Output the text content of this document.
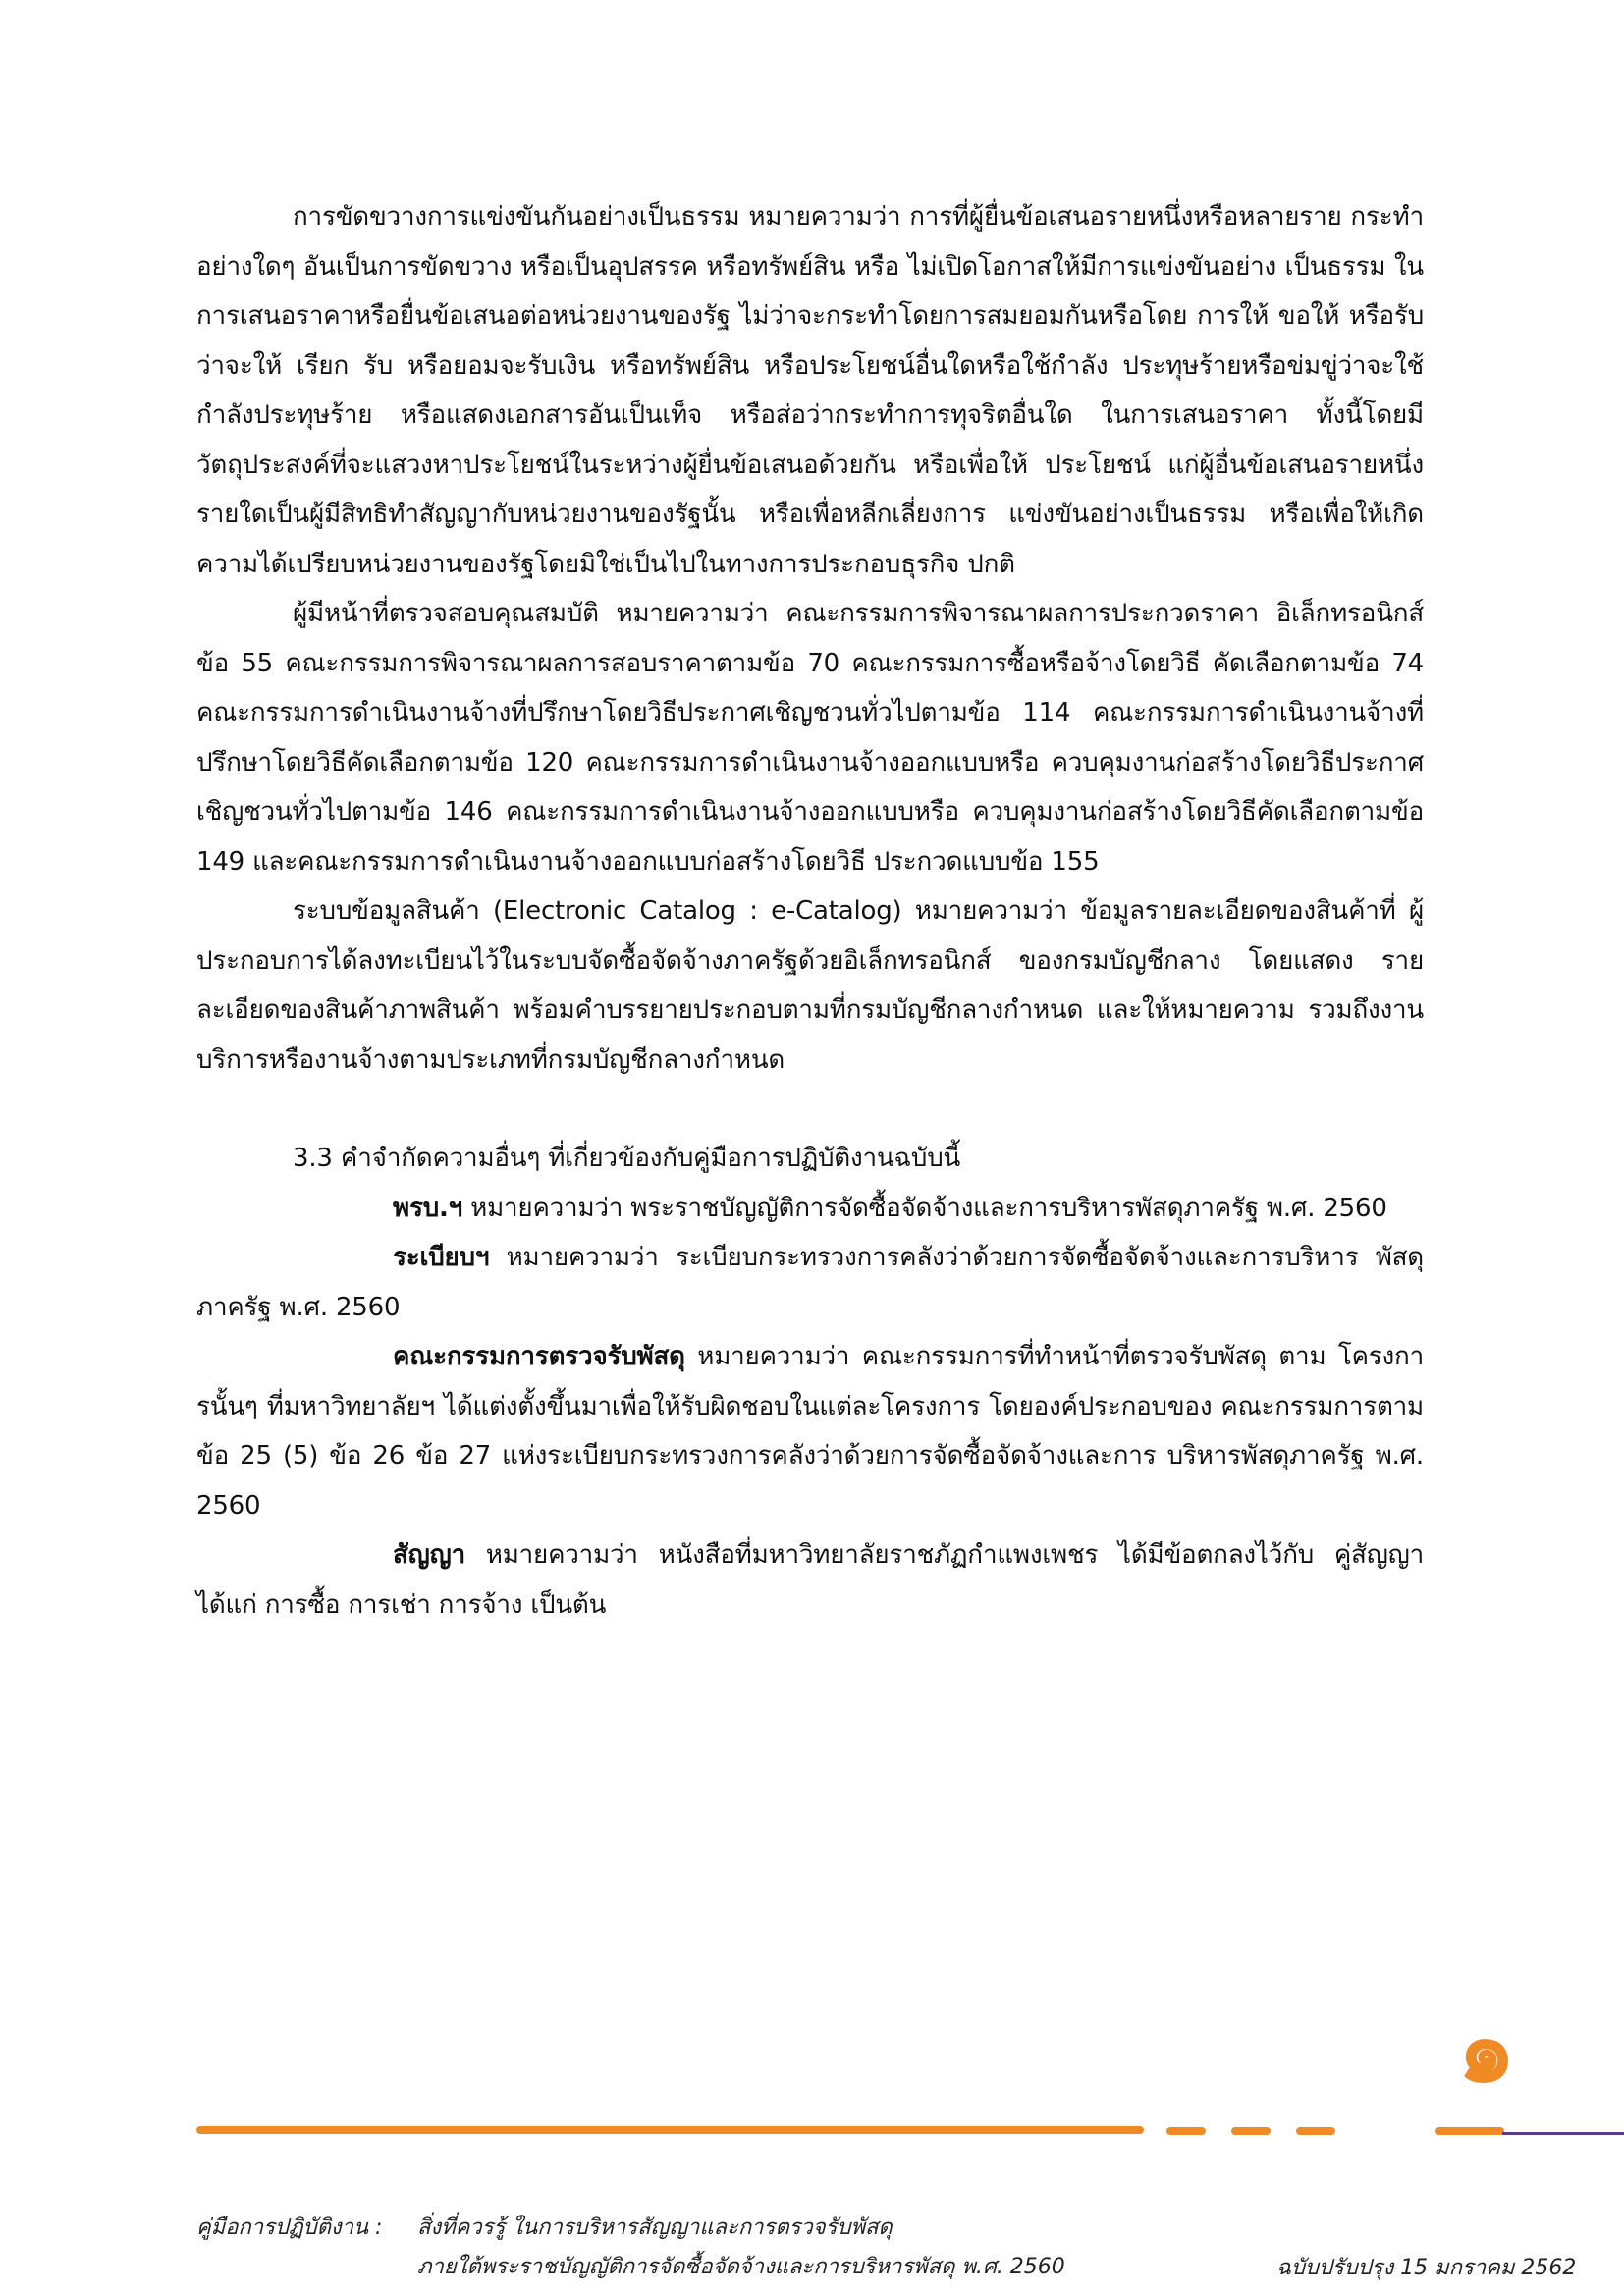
การขัดขวางการแข่งขันกันอย่างเป็นธรรม หมายความว่า การที่ผู้ยื่นข้อเสนอรายหนึ่งหรือหลายราย กระทำอย่างใดๆ อันเป็นการขัดขวาง หรือเป็นอุปสรรค หรือทรัพย์สิน หรือ ไม่เปิดโอกาสให้มีการแข่งขันอย่าง เป็นธรรม ในการเสนอราคาหรือยื่นข้อเสนอต่อหน่วยงานของรัฐ ไม่ว่าจะกระทำโดยการสมยอมกันหรือโดย การให้ ขอให้ หรือรับว่าจะให้ เรียก รับ หรือยอมจะรับเงิน หรือทรัพย์สิน หรือประโยชน์อื่นใดหรือใช้กำลัง ประทุษร้ายหรือข่มขู่ว่าจะใช้กำลังประทุษร้าย หรือแสดงเอกสารอันเป็นเท็จ หรือส่อว่ากระทำการทุจริตอื่นใด ในการเสนอราคา ทั้งนี้โดยมีวัตถุประสงค์ที่จะแสวงหาประโยชน์ในระหว่างผู้ยื่นข้อเสนอด้วยกัน หรือเพื่อให้ ประโยชน์ แก่ผู้อื่นข้อเสนอรายหนึ่งรายใดเป็นผู้มีสิทธิทำสัญญากับหน่วยงานของรัฐนั้น หรือเพื่อหลีกเลี่ยงการ แข่งขันอย่างเป็นธรรม หรือเพื่อให้เกิดความได้เปรียบหน่วยงานของรัฐโดยมิใช่เป็นไปในทางการประกอบธุรกิจ ปกติ

ผู้มีหน้าที่ตรวจสอบคุณสมบัติ หมายความว่า คณะกรรมการพิจารณาผลการประกวดราคา อิเล็กทรอนิกส์ข้อ 55 คณะกรรมการพิจารณาผลการสอบราคาตามข้อ 70 คณะกรรมการซื้อหรือจ้างโดยวิธี คัดเลือกตามข้อ 74 คณะกรรมการดำเนินงานจ้างที่ปรึกษาโดยวิธีประกาศเชิญชวนทั่วไปตามข้อ 114 คณะกรรมการดำเนินงานจ้างที่ปรึกษาโดยวิธีคัดเลือกตามข้อ 120 คณะกรรมการดำเนินงานจ้างออกแบบหรือ ควบคุมงานก่อสร้างโดยวิธีประกาศเชิญชวนทั่วไปตามข้อ 146 คณะกรรมการดำเนินงานจ้างออกแบบหรือ ควบคุมงานก่อสร้างโดยวิธีคัดเลือกตามข้อ 149 และคณะกรรมการดำเนินงานจ้างออกแบบก่อสร้างโดยวิธี ประกวดแบบข้อ 155

ระบบข้อมูลสินค้า (Electronic Catalog : e-Catalog) หมายความว่า ข้อมูลรายละเอียดของสินค้าที่ ผู้ประกอบการได้ลงทะเบียนไว้ในระบบจัดซื้อจัดจ้างภาครัฐด้วยอิเล็กทรอนิกส์ ของกรมบัญชีกลาง โดยแสดง รายละเอียดของสินค้าภาพสินค้า พร้อมคำบรรยายประกอบตามที่กรมบัญชีกลางกำหนด และให้หมายความ รวมถึงงานบริการหรืองานจ้างตามประเภทที่กรมบัญชีกลางกำหนด

3.3 คำจำกัดความอื่นๆ ที่เกี่ยวข้องกับคู่มือการปฏิบัติงานฉบับนี้

พรบ.ฯ หมายความว่า พระราชบัญญัติการจัดซื้อจัดจ้างและการบริหารพัสดุภาครัฐ พ.ศ. 2560

ระเบียบฯ หมายความว่า ระเบียบกระทรวงการคลังว่าด้วยการจัดซื้อจัดจ้างและการบริหาร พัสดุภาครัฐ พ.ศ. 2560

คณะกรรมการตรวจรับพัสดุ หมายความว่า คณะกรรมการที่ทำหน้าที่ตรวจรับพัสดุ ตาม โครงการนั้นๆ ที่มหาวิทยาลัยฯ ได้แต่งตั้งขึ้นมาเพื่อให้รับผิดชอบในแต่ละโครงการ โดยองค์ประกอบของ คณะกรรมการตามข้อ 25 (5) ข้อ 26 ข้อ 27 แห่งระเบียบกระทรวงการคลังว่าด้วยการจัดซื้อจัดจ้างและการ บริหารพัสดุภาครัฐ พ.ศ. 2560

สัญญา หมายความว่า หนังสือที่มหาวิทยาลัยราชภัฏกำแพงเพชร ได้มีข้อตกลงไว้กับ คู่สัญญา ได้แก่ การซื้อ การเช่า การจ้าง เป็นต้น

๑
คู่มือการปฏิบัติงาน : สิ่งที่ควรรู้ ในการบริหารสัญญาและการตรวจรับพัสดุ
ภายใต้พระราชบัญญัติการจัดซื้อจัดจ้างและการบริหารพัสดุ พ.ศ. 2560	ฉบับปรับปรุง 15 มกราคม 2562
